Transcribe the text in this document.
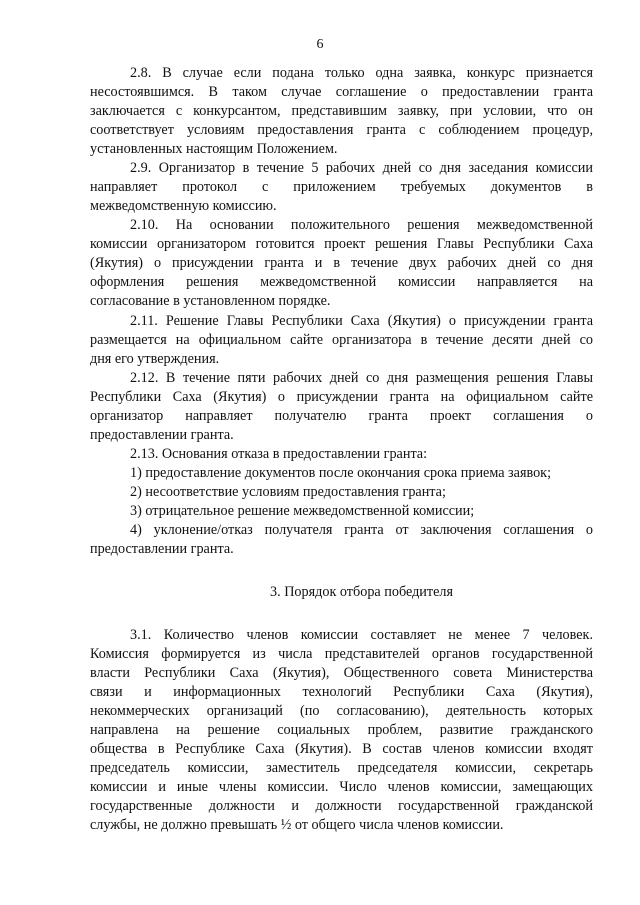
6
2.8. В случае если подана только одна заявка, конкурс признается
несостоявшимся. В таком случае соглашение о предоставлении гранта
заключается с конкурсантом, представившим заявку, при условии, что он
соответствует условиям предоставления гранта с соблюдением процедур,
установленных настоящим Положением.
2.9. Организатор в течение 5 рабочих дней со дня заседания комиссии
направляет протокол с приложением требуемых документов в
межведомственную комиссию.
2.10. На основании положительного решения межведомственной
комиссии организатором готовится проект решения Главы Республики Саха
(Якутия) о присуждении гранта и в течение двух рабочих дней со дня
оформления решения межведомственной комиссии направляется на
согласование в установленном порядке.
2.11. Решение Главы Республики Саха (Якутия) о присуждении гранта
размещается на официальном сайте организатора в течение десяти дней со
дня его утверждения.
2.12. В течение пяти рабочих дней со дня размещения решения Главы
Республики Саха (Якутия) о присуждении гранта на официальном сайте
организатор направляет получателю гранта проект соглашения о
предоставлении гранта.
2.13. Основания отказа в предоставлении гранта:
1) предоставление документов после окончания срока приема заявок;
2) несоответствие условиям предоставления гранта;
3) отрицательное решение межведомственной комиссии;
4) уклонение/отказ получателя гранта от заключения соглашения о
предоставлении гранта.
3. Порядок отбора победителя
3.1. Количество членов комиссии составляет не менее 7 человек.
Комиссия формируется из числа представителей органов государственной
власти Республики Саха (Якутия), Общественного совета Министерства
связи и информационных технологий Республики Саха (Якутия),
некоммерческих организаций (по согласованию), деятельность которых
направлена на решение социальных проблем, развитие гражданского
общества в Республике Саха (Якутия). В состав членов комиссии входят
председатель комиссии, заместитель председателя комиссии, секретарь
комиссии и иные члены комиссии. Число членов комиссии, замещающих
государственные должности и должности государственной гражданской
службы, не должно превышать ½ от общего числа членов комиссии.
